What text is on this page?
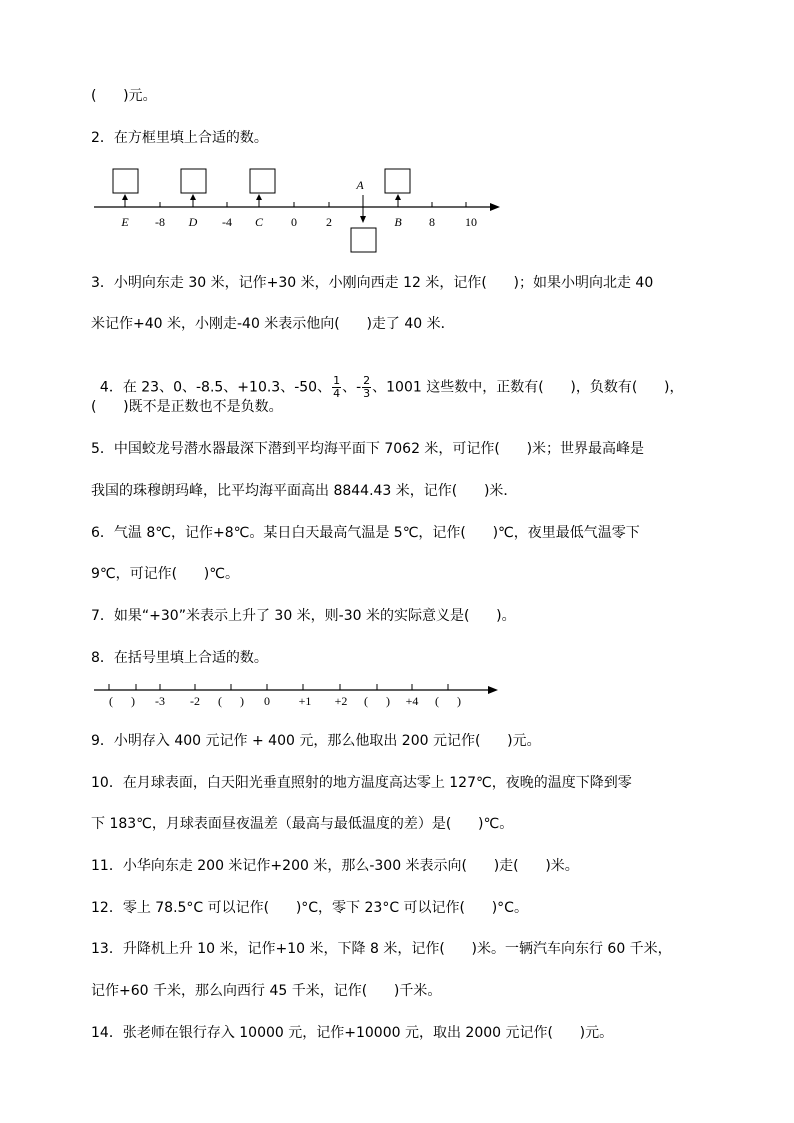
(      )元。
2．在方框里填上合适的数。
A
E -8 D -4 C 0 2	B 8	10
3．小明向东走 30 米，记作+30 米，小刚向西走 12 米，记作(      )；如果小明向北走 40
米记作+40 米，小刚走-40 米表示他向(      )走了 40 米．

4．在 23、0、-8.5、+10.3、-50、 $\frac{1}{4}$ 、- $\frac{2}{3}$ 、1001 这些数中，正数有(      )，负数有(      )，

(      )既不是正数也不是负数。
5．中国蛟龙号潜水器最深下潜到平均海平面下 7062 米，可记作(      )米；世界最高峰是
我国的珠穆朗玛峰，比平均海平面高出 8844.43 米，记作(      )米．
6．气温 8℃，记作+8℃。某日白天最高气温是 5℃，记作(      )℃，夜里最低气温零下
9℃，可记作(      )℃。
7．如果“+30”米表示上升了 30 米，则-30 米的实际意义是(      )。
8．在括号里填上合适的数。
(      ) -3 -2 (      ) 0 +1 +2 (      ) +4 (      )
9．小明存入 400 元记作 + 400 元，那么他取出 200 元记作(      )元。
10．在月球表面，白天阳光垂直照射的地方温度高达零上 127℃，夜晚的温度下降到零
下 183℃，月球表面昼夜温差（最高与最低温度的差）是(      )℃。
11．小华向东走 200 米记作+200 米，那么-300 米表示向(      )走(      )米。
12．零上 78.5°C 可以记作(      )°C，零下 23°C 可以记作(      )°C。
13．升降机上升 10 米，记作+10 米，下降 8 米，记作(      )米。一辆汽车向东行 60 千米，
记作+60 千米，那么向西行 45 千米，记作(      )千米。
14．张老师在银行存入 10000 元，记作+10000 元，取出 2000 元记作(      )元。
